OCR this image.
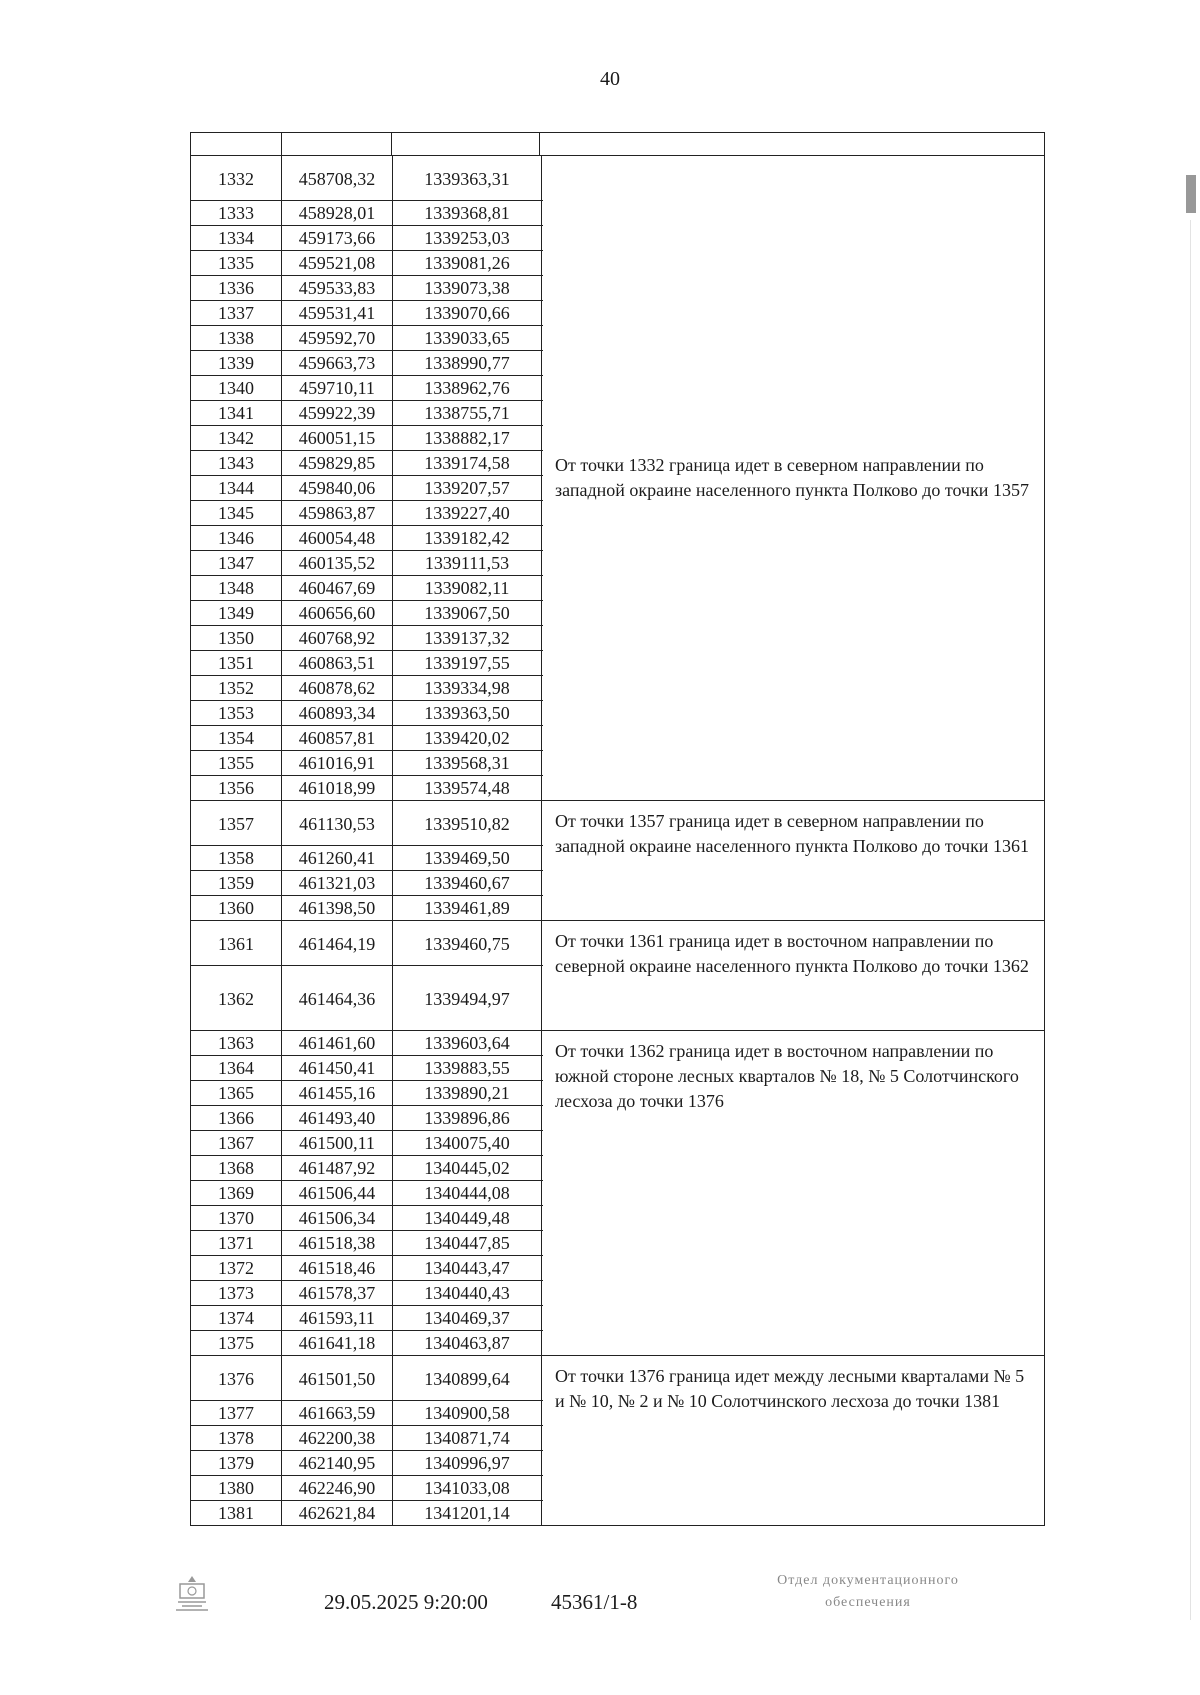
40
1332	458708,32	1339363,31
1333	458928,01	1339368,81
1334	459173,66	1339253,03
1335	459521,08	1339081,26
1336	459533,83	1339073,38
1337	459531,41	1339070,66
1338	459592,70	1339033,65
1339	459663,73	1338990,77
1340	459710,11	1338962,76
1341	459922,39	1338755,71
1342	460051,15	1338882,17
1343	459829,85	1339174,58
1344	459840,06	1339207,57
1345	459863,87	1339227,40
1346	460054,48	1339182,42
1347	460135,52	1339111,53
1348	460467,69	1339082,11
1349	460656,60	1339067,50
1350	460768,92	1339137,32
1351	460863,51	1339197,55
1352	460878,62	1339334,98
1353	460893,34	1339363,50
1354	460857,81	1339420,02
1355	461016,91	1339568,31
1356	461018,99	1339574,48
От точки 1332 граница идет в северном направлении по западной окраине населенного пункта Полково до точки 1357
1357	461130,53	1339510,82
1358	461260,41	1339469,50
1359	461321,03	1339460,67
1360	461398,50	1339461,89
От точки 1357 граница идет в северном направлении по западной окраине населенного пункта Полково до точки 1361
1361	461464,19	1339460,75
1362	461464,36	1339494,97
От точки 1361 граница идет в восточном направлении по северной окраине населенного пункта Полково до точки 1362
1363	461461,60	1339603,64
1364	461450,41	1339883,55
1365	461455,16	1339890,21
1366	461493,40	1339896,86
1367	461500,11	1340075,40
1368	461487,92	1340445,02
1369	461506,44	1340444,08
1370	461506,34	1340449,48
1371	461518,38	1340447,85
1372	461518,46	1340443,47
1373	461578,37	1340440,43
1374	461593,11	1340469,37
1375	461641,18	1340463,87
От точки 1362 граница идет в восточном направлении по южной стороне лесных кварталов № 18, № 5 Солотчинского лесхоза до точки 1376
1376	461501,50	1340899,64
1377	461663,59	1340900,58
1378	462200,38	1340871,74
1379	462140,95	1340996,97
1380	462246,90	1341033,08
1381	462621,84	1341201,14
От точки 1376 граница идет между лесными кварталами № 5 и № 10, № 2 и № 10 Солотчинского лесхоза до точки 1381
29.05.2025 9:20:00	45361/1-8
Отдел документационного
обеспечения
